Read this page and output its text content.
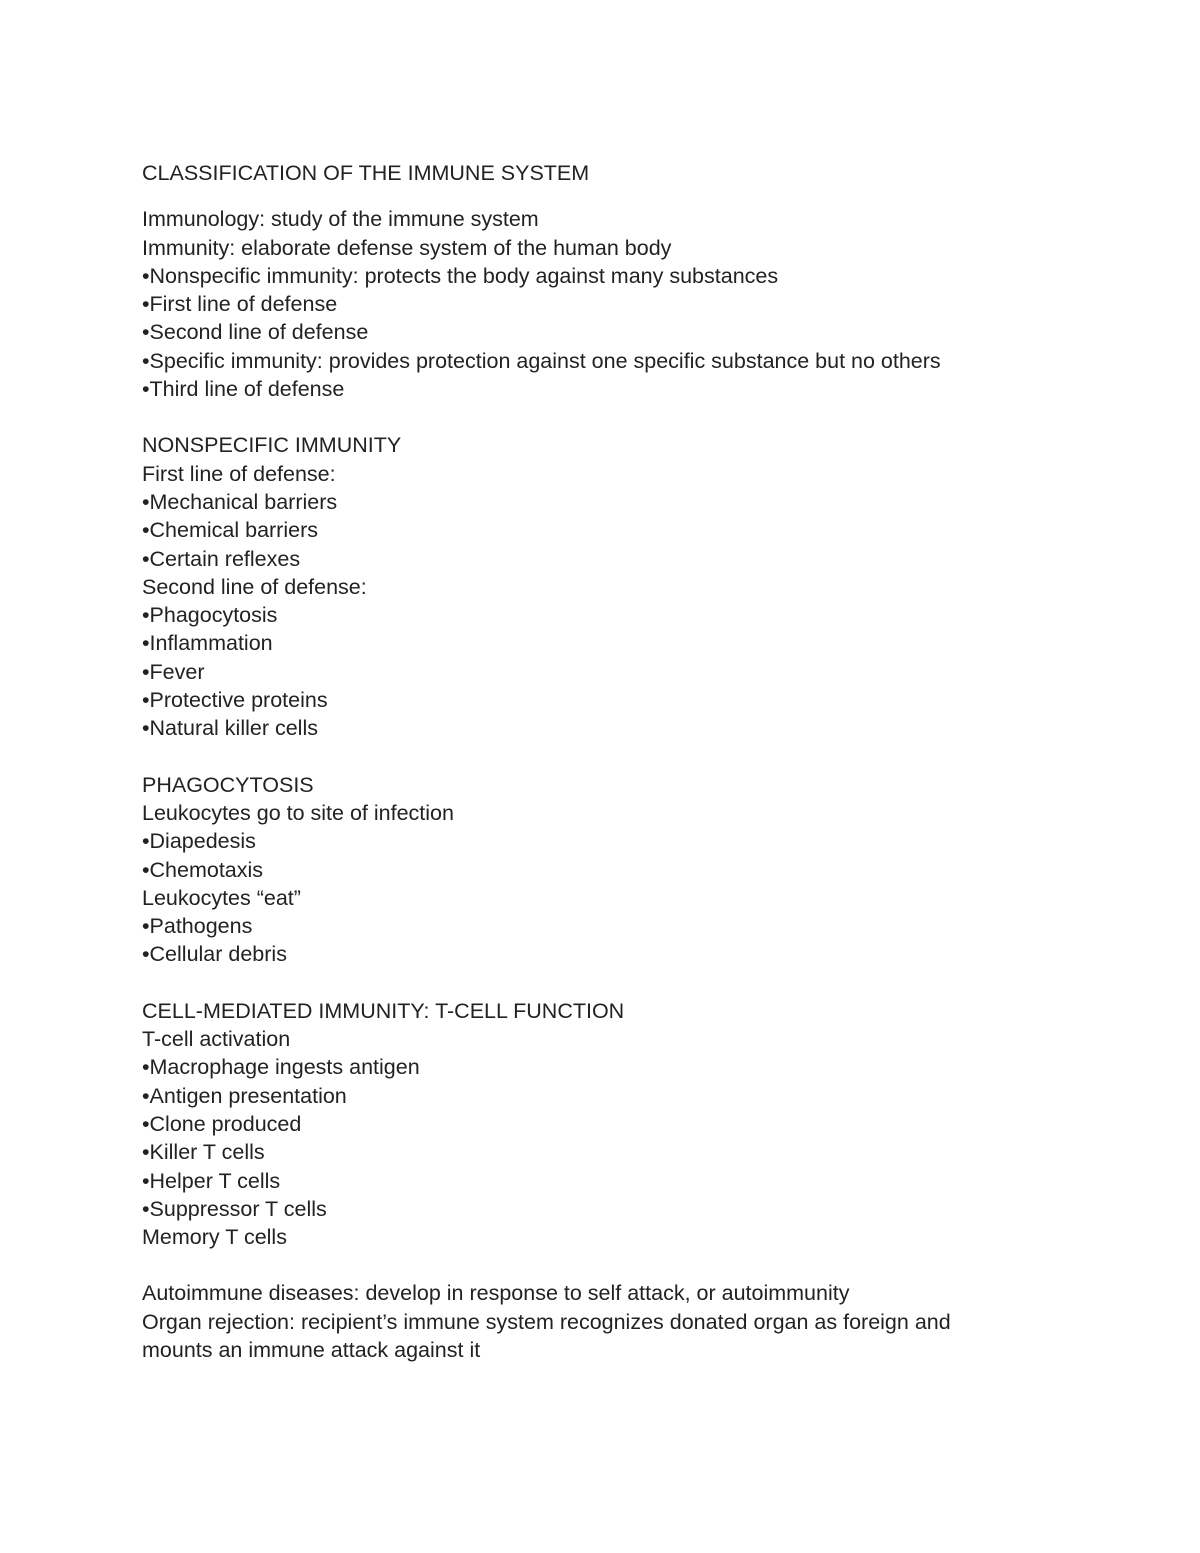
CLASSIFICATION OF THE IMMUNE SYSTEM
Immunology: study of the immune system
Immunity: elaborate defense system of the human body
•Nonspecific immunity: protects the body against many substances
•First line of defense
•Second line of defense
•Specific immunity: provides protection against one specific substance but no others
•Third line of defense
NONSPECIFIC IMMUNITY
First line of defense:
•Mechanical barriers
•Chemical barriers
•Certain reflexes
Second line of defense:
•Phagocytosis
•Inflammation
•Fever
•Protective proteins
•Natural killer cells
PHAGOCYTOSIS
Leukocytes go to site of infection
•Diapedesis
•Chemotaxis
Leukocytes “eat”
•Pathogens
•Cellular debris
CELL-MEDIATED IMMUNITY: T-CELL FUNCTION
T-cell activation
•Macrophage ingests antigen
•Antigen presentation
•Clone produced
•Killer T cells
•Helper T cells
•Suppressor T cells
Memory T cells
Autoimmune diseases: develop in response to self attack, or autoimmunity
Organ rejection: recipient’s immune system recognizes donated organ as foreign and mounts an immune attack against it
